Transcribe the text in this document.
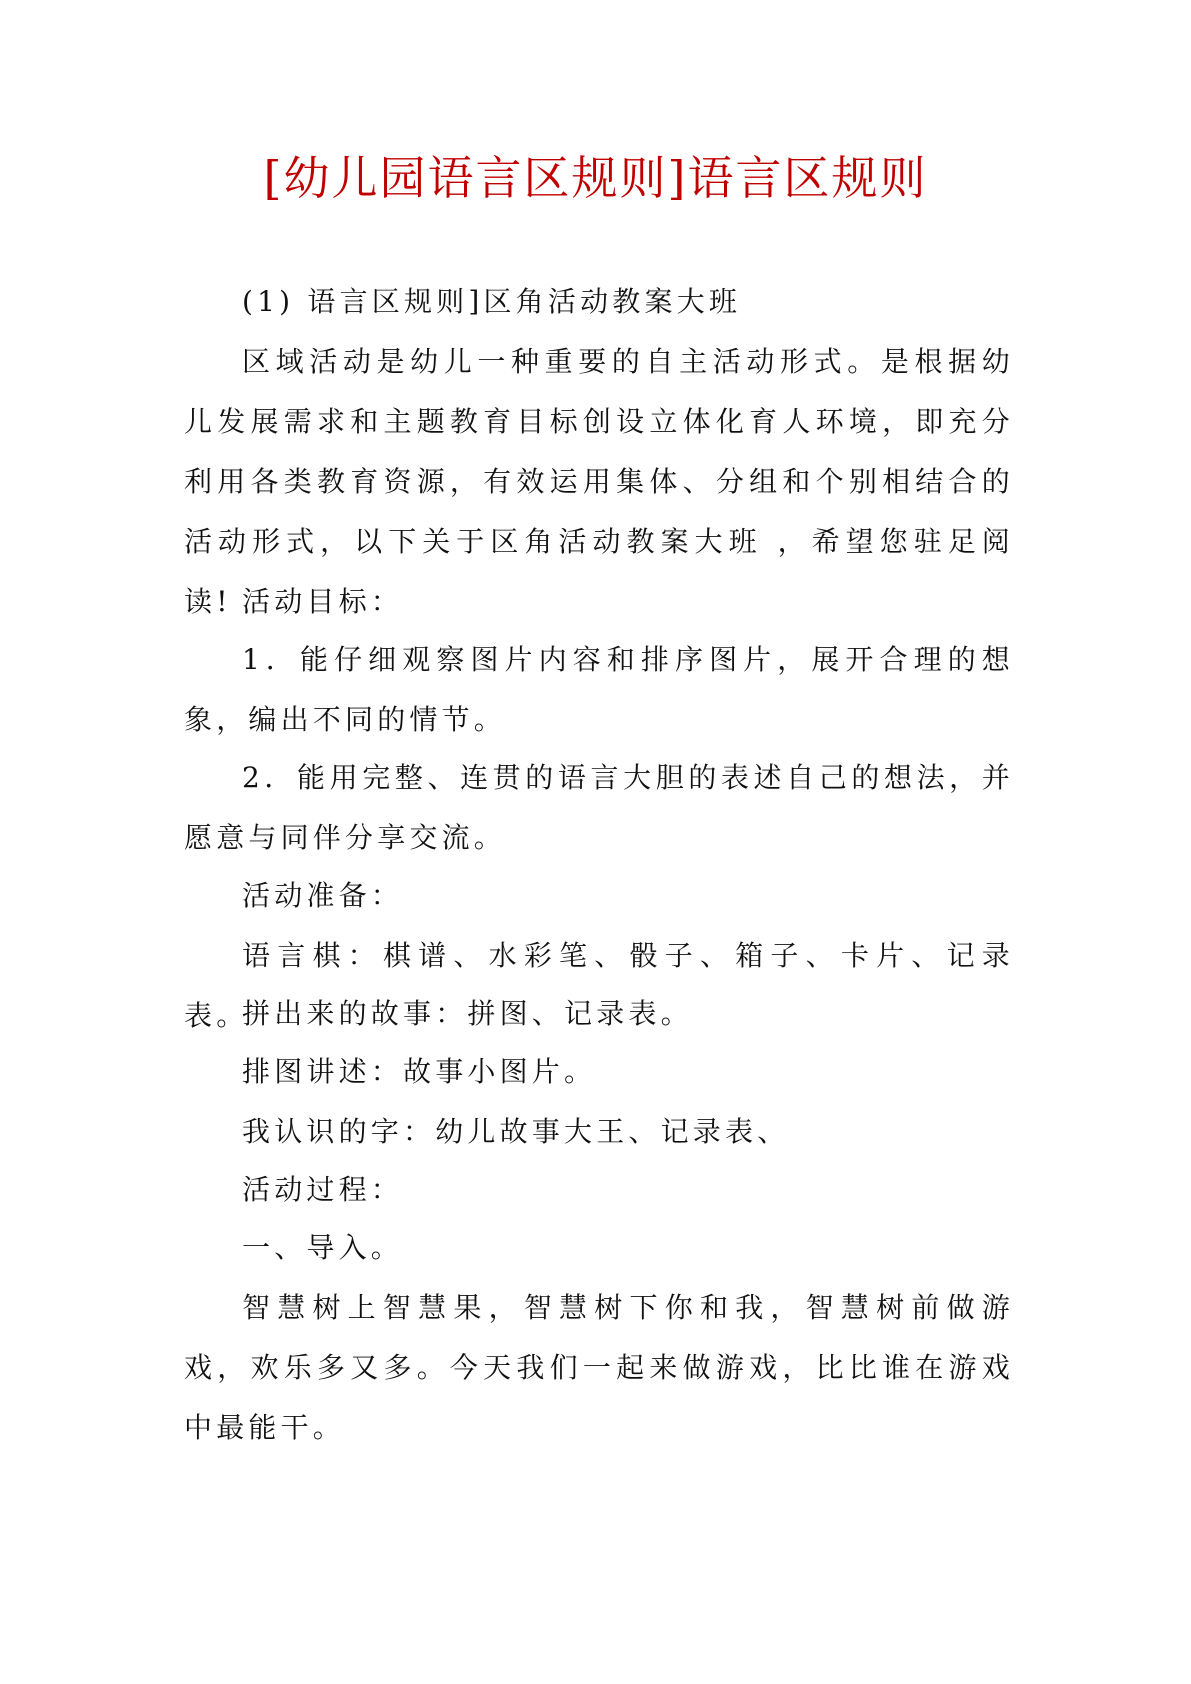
[幼儿园语言区规则]语言区规则

(1) 语言区规则]区角活动教案大班

区域活动是幼儿一种重要的自主活动形式。是根据幼儿发展需求和主题教育目标创设立体化育人环境，即充分利用各类教育资源，有效运用集体、分组和个别相结合的活动形式，以下关于区角活动教案大班 ，希望您驻足阅读! 活动目标：

1．能仔细观察图片内容和排序图片，展开合理的想象，编出不同的情节。

2．能用完整、连贯的语言大胆的表述自己的想法，并愿意与同伴分享交流。

活动准备：

语言棋：棋谱、水彩笔、骰子、箱子、卡片、记录表。

拼出来的故事：拼图、记录表。

排图讲述：故事小图片。

我认识的字：幼儿故事大王、记录表、

活动过程：

一、导入。

智慧树上智慧果，智慧树下你和我，智慧树前做游戏，欢乐多又多。今天我们一起来做游戏，比比谁在游戏中最能干。
